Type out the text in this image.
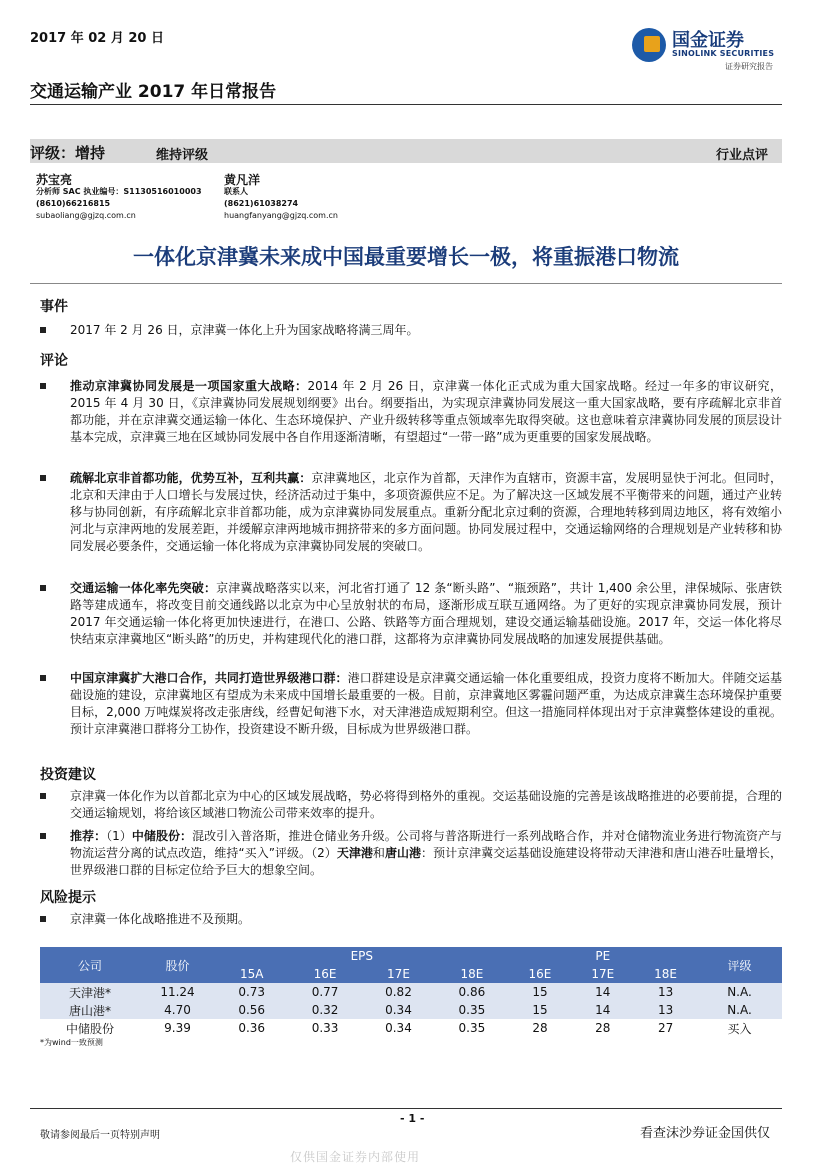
2017 年 02 月 20 日
交通运输产业 2017 年日常报告
国金证券
SINOLINK SECURITIES
证券研究报告
评级：增持	维持评级	行业点评
苏宝亮
分析师 SAC 执业编号：S1130516010003
(8610)66216815
subaoliang@gjzq.com.cn
黄凡洋
联系人
(8621)61038274
huangfanyang@gjzq.com.cn
一体化京津冀未来成中国最重要增长一极，将重振港口物流
事件
2017 年 2 月 26 日，京津冀一体化上升为国家战略将满三周年。
评论
推动京津冀协同发展是一项国家重大战略：2014 年 2 月 26 日，京津冀一体化正式成为重大国家战略。经过一年多的审议研究，2015 年 4 月 30 日，《京津冀协同发展规划纲要》出台。纲要指出，为实现京津冀协同发展这一重大国家战略，要有序疏解北京非首都功能，并在京津冀交通运输一体化、生态环境保护、产业升级转移等重点领域率先取得突破。这也意味着京津冀协同发展的顶层设计基本完成，京津冀三地在区域协同发展中各自作用逐渐清晰，有望超过“一带一路”成为更重要的国家发展战略。
疏解北京非首都功能，优势互补，互利共赢：京津冀地区，北京作为首都，天津作为直辖市，资源丰富，发展明显快于河北。但同时，北京和天津由于人口增长与发展过快，经济活动过于集中，多项资源供应不足。为了解决这一区域发展不平衡带来的问题，通过产业转移与协同创新，有序疏解北京非首都功能，成为京津冀协同发展重点。重新分配北京过剩的资源，合理地转移到周边地区，将有效缩小河北与京津两地的发展差距，并缓解京津两地城市拥挤带来的多方面问题。协同发展过程中，交通运输网络的合理规划是产业转移和协同发展必要条件，交通运输一体化将成为京津冀协同发展的突破口。
交通运输一体化率先突破：京津冀战略落实以来，河北省打通了 12 条“断头路”、“瓶颈路”，共计 1,400 余公里，津保城际、张唐铁路等建成通车，将改变目前交通线路以北京为中心呈放射状的布局，逐渐形成互联互通网络。为了更好的实现京津冀协同发展，预计 2017 年交通运输一体化将更加快速进行，在港口、公路、铁路等方面合理规划，建设交通运输基础设施。2017 年，交运一体化将尽快结束京津冀地区“断头路”的历史，并构建现代化的港口群，这都将为京津冀协同发展战略的加速发展提供基础。
中国京津冀扩大港口合作，共同打造世界级港口群：港口群建设是京津冀交通运输一体化重要组成，投资力度将不断加大。伴随交运基础设施的建设，京津冀地区有望成为未来成中国增长最重要的一极。目前，京津冀地区雾霾问题严重，为达成京津冀生态环境保护重要目标，2,000 万吨煤炭将改走张唐线，经曹妃甸港下水，对天津港造成短期利空。但这一措施同样体现出对于京津冀整体建设的重视。预计京津冀港口群将分工协作，投资建设不断升级，目标成为世界级港口群。
投资建议
京津冀一体化作为以首都北京为中心的区域发展战略，势必将得到格外的重视。交运基础设施的完善是该战略推进的必要前提，合理的交通运输规划，将给该区域港口物流公司带来效率的提升。
推荐：（1）中储股份：混改引入普洛斯，推进仓储业务升级。公司将与普洛斯进行一系列战略合作，并对仓储物流业务进行物流资产与物流运营分离的试点改造，维持“买入”评级。（2）天津港和唐山港：预计京津冀交运基础设施建设将带动天津港和唐山港吞吐量增长，世界级港口群的目标定位给予巨大的想象空间。
风险提示
京津冀一体化战略推进不及预期。
公司	股价	EPS				PE			评级
		15A	16E	17E	18E	16E	17E	18E	
天津港*	11.24	0.73	0.77	0.82	0.86	15	14	13	N.A.
唐山港*	4.70	0.56	0.32	0.34	0.35	15	14	13	N.A.
中储股份	9.39	0.36	0.33	0.34	0.35	28	28	27	买入
*为wind一致预测
- 1 -
敬请参阅最后一页特别声明	看查沫沙券证金国供仅
仅供国金证券内部使用
